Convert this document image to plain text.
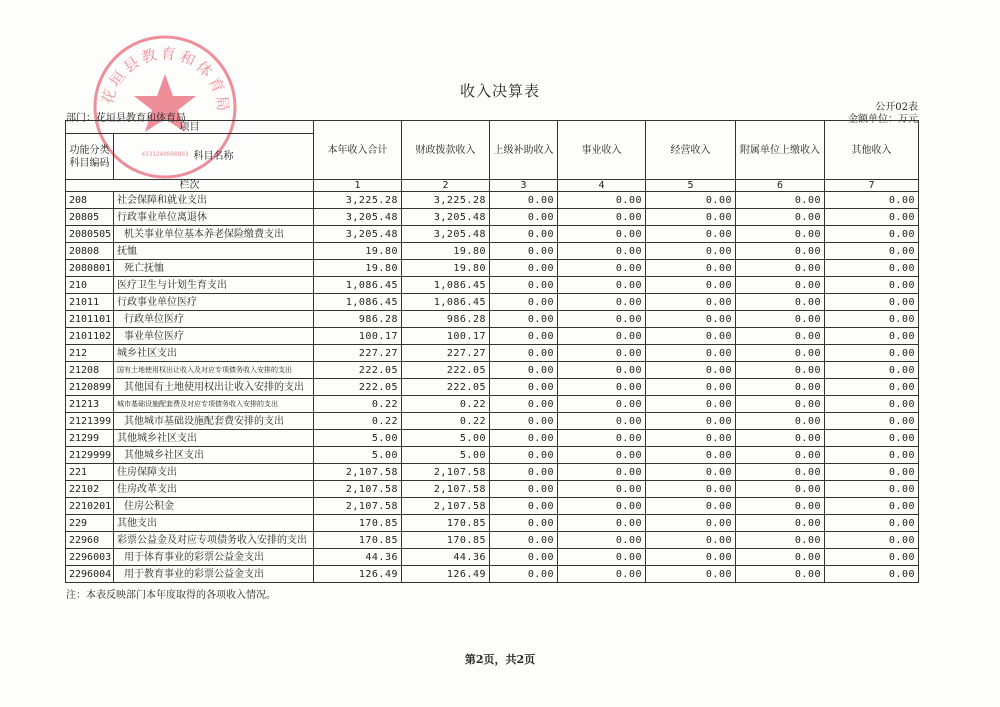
花垣县教育和体育局
4331240000803
收入决算表
公开02表
金额单位：万元
部门：花垣县教育和体育局
项目		本年收入合计	财政拨款收入	上级补助收入	事业收入	经营收入	附属单位上缴收入	其他收入
功能分类科目编码	科目名称							
栏次		1	2	3	4	5	6	7
208	社会保障和就业支出	3,225.28	3,225.28	0.00	0.00	0.00	0.00	0.00
20805	行政事业单位离退休	3,205.48	3,205.48	0.00	0.00	0.00	0.00	0.00
2080505	机关事业单位基本养老保险缴费支出	3,205.48	3,205.48	0.00	0.00	0.00	0.00	0.00
20808	抚恤	19.80	19.80	0.00	0.00	0.00	0.00	0.00
2080801	死亡抚恤	19.80	19.80	0.00	0.00	0.00	0.00	0.00
210	医疗卫生与计划生育支出	1,086.45	1,086.45	0.00	0.00	0.00	0.00	0.00
21011	行政事业单位医疗	1,086.45	1,086.45	0.00	0.00	0.00	0.00	0.00
2101101	行政单位医疗	986.28	986.28	0.00	0.00	0.00	0.00	0.00
2101102	事业单位医疗	100.17	100.17	0.00	0.00	0.00	0.00	0.00
212	城乡社区支出	227.27	227.27	0.00	0.00	0.00	0.00	0.00
21208	国有土地使用权出让收入及对应专项债务收入安排的支出	222.05	222.05	0.00	0.00	0.00	0.00	0.00
2120899	其他国有土地使用权出让收入安排的支出	222.05	222.05	0.00	0.00	0.00	0.00	0.00
21213	城市基础设施配套费及对应专项债务收入安排的支出	0.22	0.22	0.00	0.00	0.00	0.00	0.00
2121399	其他城市基础设施配套费安排的支出	0.22	0.22	0.00	0.00	0.00	0.00	0.00
21299	其他城乡社区支出	5.00	5.00	0.00	0.00	0.00	0.00	0.00
2129999	其他城乡社区支出	5.00	5.00	0.00	0.00	0.00	0.00	0.00
221	住房保障支出	2,107.58	2,107.58	0.00	0.00	0.00	0.00	0.00
22102	住房改革支出	2,107.58	2,107.58	0.00	0.00	0.00	0.00	0.00
2210201	住房公积金	2,107.58	2,107.58	0.00	0.00	0.00	0.00	0.00
229	其他支出	170.85	170.85	0.00	0.00	0.00	0.00	0.00
22960	彩票公益金及对应专项债务收入安排的支出	170.85	170.85	0.00	0.00	0.00	0.00	0.00
2296003	用于体育事业的彩票公益金支出	44.36	44.36	0.00	0.00	0.00	0.00	0.00
2296004	用于教育事业的彩票公益金支出	126.49	126.49	0.00	0.00	0.00	0.00	0.00
注：本表反映部门本年度取得的各项收入情况。
第2页，共2页
